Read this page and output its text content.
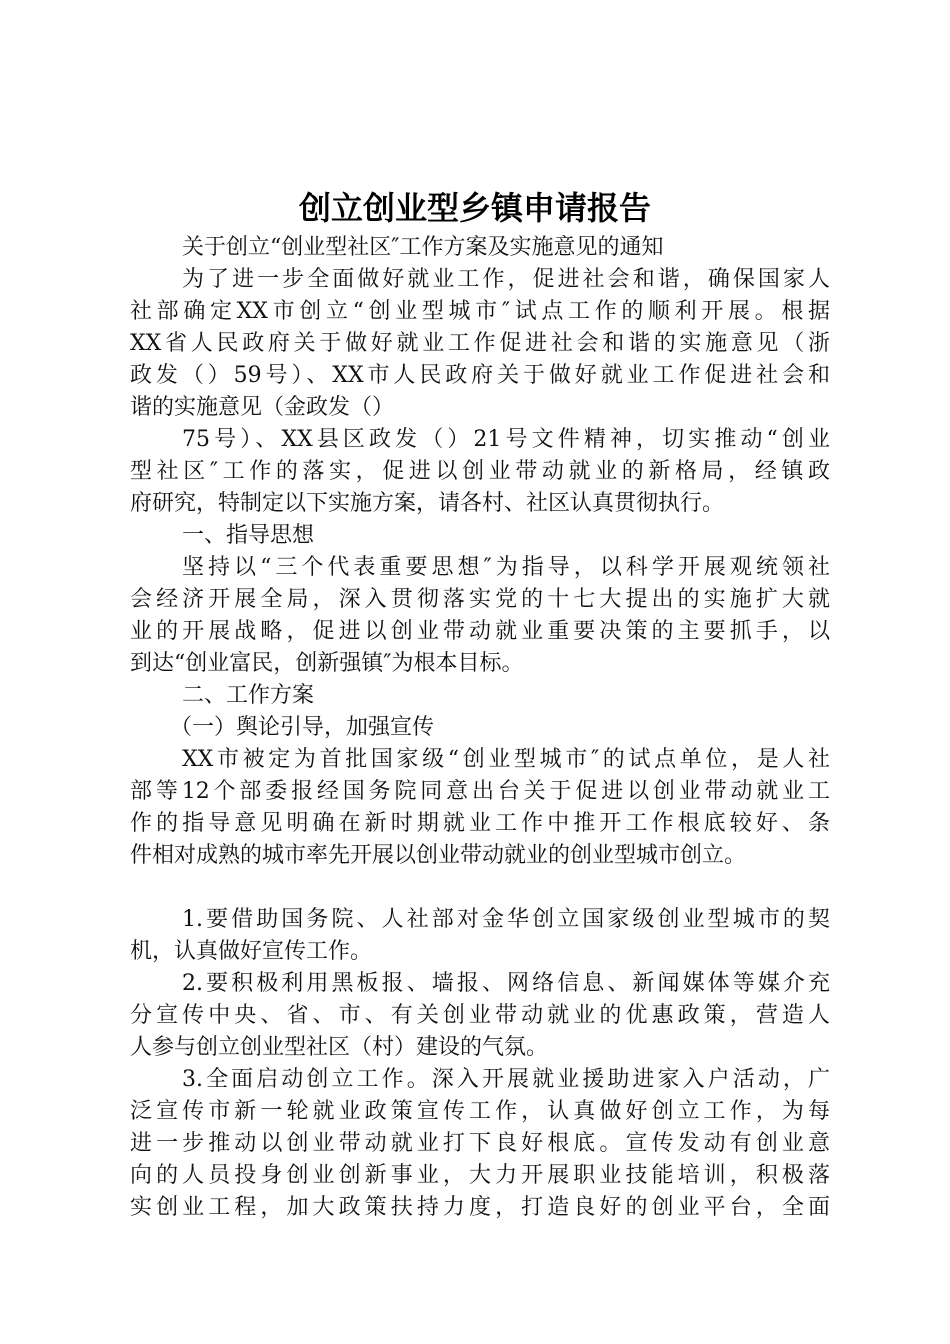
创立创业型乡镇申请报告
关于创立“创业型社区″工作方案及实施意见的通知
为了进一步全面做好就业工作，促进社会和谐，确保国家人
社部确定XX市创立“创业型城市″试点工作的顺利开展。根据
XX省人民政府关于做好就业工作促进社会和谐的实施意见（浙
政发（）59号）、XX市人民政府关于做好就业工作促进社会和
谐的实施意见（金政发（）
75号）、XX县区政发（）21号文件精神，切实推动“创业
型社区″工作的落实，促进以创业带动就业的新格局，经镇政
府研究，特制定以下实施方案，请各村、社区认真贯彻执行。
一、指导思想
坚持以“三个代表重要思想″为指导，以科学开展观统领社
会经济开展全局，深入贯彻落实党的十七大提出的实施扩大就
业的开展战略，促进以创业带动就业重要决策的主要抓手，以
到达“创业富民，创新强镇″为根本目标。
二、工作方案
（一）舆论引导，加强宣传
XX市被定为首批国家级“创业型城市″的试点单位，是人社
部等12个部委报经国务院同意出台关于促进以创业带动就业工
作的指导意见明确在新时期就业工作中推开工作根底较好、条
件相对成熟的城市率先开展以创业带动就业的创业型城市创立。
1.要借助国务院、人社部对金华创立国家级创业型城市的契
机，认真做好宣传工作。
2.要积极利用黑板报、墙报、网络信息、新闻媒体等媒介充
分宣传中央、省、市、有关创业带动就业的优惠政策，营造人
人参与创立创业型社区（村）建设的气氛。
3.全面启动创立工作。深入开展就业援助进家入户活动，广
泛宣传市新一轮就业政策宣传工作，认真做好创立工作，为每
进一步推动以创业带动就业打下良好根底。宣传发动有创业意
向的人员投身创业创新事业，大力开展职业技能培训，积极落
实创业工程，加大政策扶持力度，打造良好的创业平台，全面
